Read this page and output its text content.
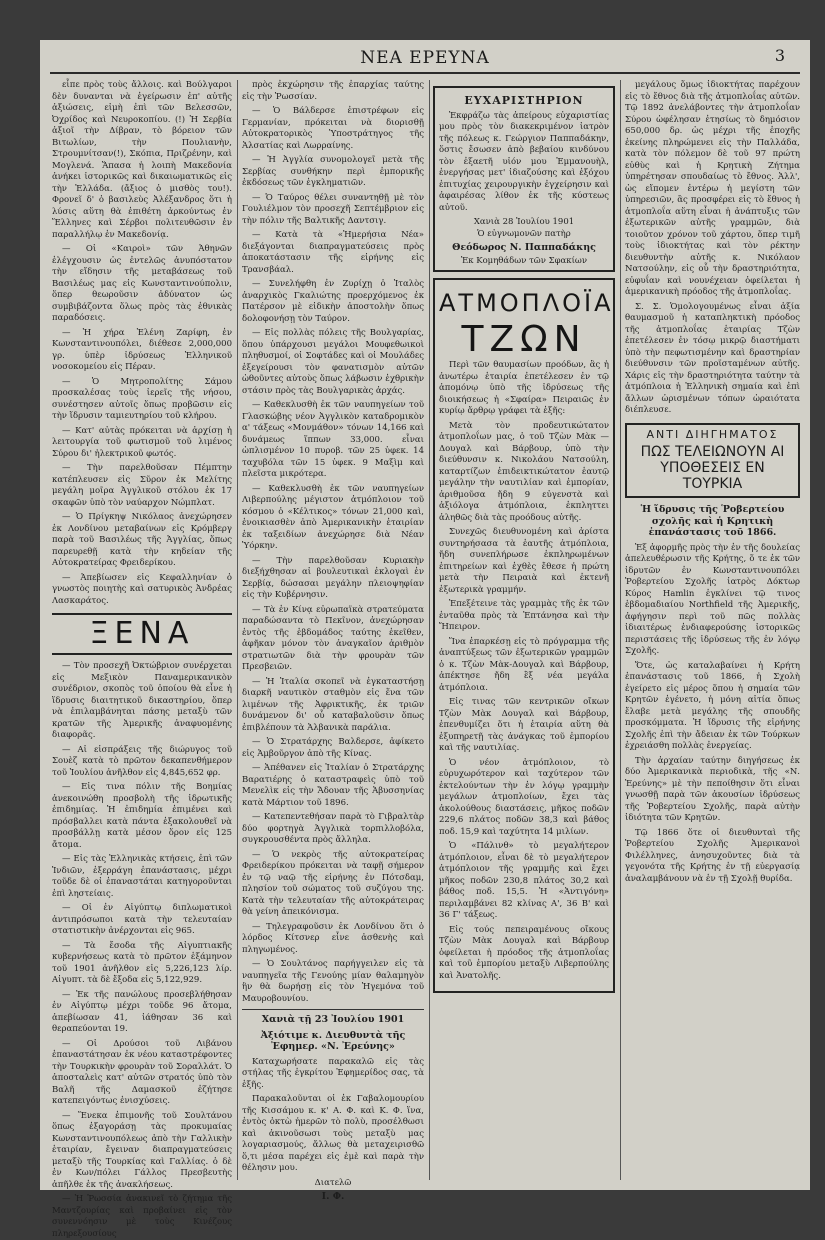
ΝΕΑ ΕΡΕΥΝΑ	3

εἶπε πρὸς τοὺς ἄλλοις. καὶ Βούλγαροι δὲν δυνανται νὰ ἐγείρωσιν ἐπ' αὐτῆς ἀξιώσεις, εἰμὴ ἐπὶ τῶν Βελεσσῶν, Ὀχρίδος καὶ Νευροκοπίου. (!) Ἡ Σερβία ἀξιοῖ τὴν Δίβραν, τὸ βόρειον τῶν Βιτωλίων, τὴν Πουλιανὴν, Στρουμνίτσαν(!), Σκόπια, Πριζρένην, καὶ Μογλενά. Ἅπασα ἡ λοιπὴ Μακεδονία ἀνήκει ἱστορικῶς καὶ δικαιωματικῶς εἰς τὴν Ἑλλάδα. (ἄξιος ὁ μισθὸς του!). Φρονεῖ δ' ὁ βασιλεὺς Ἀλέξανδρος ὅτι ἡ λύσις αὕτη θὰ ἐπιθέτη ἀρκούντως ἐν Ἕλληνες καὶ Σέρβοι πολιτευθῶσιν ἐν παραλλήλῳ ἐν Μακεδονίᾳ.

— Οἱ «Καιροὶ» τῶν Ἀθηνῶν ἐλέγχουσιν ὡς ἐντελῶς ἀνυπόστατον τὴν εἴδησιν τῆς μεταβάσεως τοῦ Βασιλέως μας εἰς Κωνσταντινούπολιν, ὅπερ θεωροῦσιν ἀδύνατον ὡς συμβιβάζοντα ὅλως πρὸς τὰς ἐθνικὰς παραδόσεις.

— Ἡ χήρα Ἑλένη Ζαρίφη, ἐν Κωνσταντινουπόλει, διέθεσε 2,000,000 γρ. ὑπὲρ ἱδρύσεως Ἑλληνικοῦ νοσοκομείου εἰς Πέραν.

— Ὁ Μητροπολίτης Σάμου προσκαλέσας τοὺς ἱερεῖς τῆς νήσου, συνέστησεν αὐτοῖς ὅπως προβῶσιν εἰς τὴν ἵδρυσιν ταμιευτηρίου τοῦ κλήρου.

— Κατ' αὐτὰς πρόκειται νὰ ἀρχίσῃ ἡ λειτουργία τοῦ φωτισμοῦ τοῦ λιμένος Σύρου δι' ἠλεκτρικοῦ φωτός.

— Τὴν παρελθοῦσαν Πέμπτην κατέπλευσεν εἰς Σῦρον ἐκ Μελίτης μεγάλη μοῖρα Ἀγγλικοῦ στόλου ἐκ 17 σκαφῶν ὑπὸ τὸν ναύαρχον Νώμπλατ.

— Ὁ Πρίγκηψ Νικόλαος ἀνεχώρησεν ἐκ Λονδίνου μεταβαίνων εἰς Κρόμβεργ παρὰ τοῦ Βασιλέως τῆς Ἀγγλίας, ὅπως παρευρεθῇ κατὰ τὴν κηδείαν τῆς Αὐτοκρατείρας Φρειδερίκου.

— Ἀπεβίωσεν εἰς Κεφαλληνίαν ὁ γνωστὸς ποιητὴς καὶ σατυρικὸς Ἀνδρέας Λασκαράτος.

ΞΕΝΑ

— Τὸν προσεχῆ Ὀκτώβριον συνέρχεται εἰς Μεξικὸν Παναμερικανικὸν συνέδριον, σκοπὸς τοῦ ὁποίου θὰ εἶνε ἡ ἵδρυσις διαιτητικοῦ δικαστηρίου, ὅπερ νὰ ἐπιλαμβάνηται πάσης μεταξὺ τῶν κρατῶν τῆς Ἀμερικῆς ἀναφυομένης διαφορᾶς.

— Αἱ εἰσπράξεις τῆς διώρυγος τοῦ Σουὲζ κατὰ τὸ πρῶτον δεκαπενθήμερον τοῦ Ἰουλίου ἀνῆλθον εἰς 4,845,652 φρ.

— Εἰς τινα πόλιν τῆς Βοημίας ἀνεκοινώθη προσβολὴ τῆς ἰδρωτικῆς ἐπιδημίας. Ἡ ἐπιδημία ἐπιμένει καὶ πρόσβαλλει κατὰ πάντα ἐξακολουθεῖ νὰ προσβάλλῃ κατὰ μέσον ὅρον εἰς 125 ἄτομα.

— Εἰς τὰς Ἑλληνικὰς κτήσεις, ἐπὶ τῶν Ἰνδιῶν, ἐξερράγη ἐπανάστασις, μέχρι τοῦδε δὲ οἱ ἐπαναστάται κατηγοροῦνται ἐπὶ ληστείαις.

— Οἱ ἐν Αἰγύπτῳ διπλωματικοὶ ἀντιπρόσωποι κατὰ τὴν τελευταίαν στατιστικὴν ἀνέρχονται εἰς 965.

— Τὰ ἔσοδα τῆς Αἰγυπτιακῆς κυβερνήσεως κατὰ τὸ πρῶτον ἑξάμηνον τοῦ 1901 ἀνῆλθον εἰς 5,226,123 λίρ. Αἰγυπτ. τὰ δὲ ἔξοδα εἰς 5,122,929.

— Ἐκ τῆς πανώλους προσεβλήθησαν ἐν Αἰγύπτῳ μέχρι τοῦδε 96 ἄτομα, ἀπεβίωσαν 41, ἰάθησαν 36 καὶ θεραπεύονται 19.

— Οἱ Δρούσοι τοῦ Λιβάνου ἐπαναστάτησαν ἐκ νέου καταστρέφοντες τὴν Τουρκικὴν φρουρὰν τοῦ Σοραλλάτ. Ὁ ἀποσταλεὶς κατ' αὐτῶν στρατός ὑπὸ τὸν Βαλῆ τῆς Δαμασκοῦ ἐζήτησε κατεπειγόντως ἐνισχύσεις.

— Ἕνεκα ἐπιμονῆς τοῦ Σουλτάνου ὅπως ἐξαγοράσῃ τὰς προκυμαίας Κωνσταντινουπόλεως ἀπὸ τὴν Γαλλικὴν ἑταιρίαν, ἔγειναν διαπραγματεύσεις μεταξὺ τῆς Τουρκίας καὶ Γαλλίας. ὁ δὲ ἐν Κων/πόλει Γάλλος Πρεσβευτὴς ἀπῆλθε ἐκ τῆς ἀνακλήσεως.

— Ἡ Ῥωσσία ἀνακινεῖ τὸ ζήτημα τῆς Μαντζουρίας καὶ προβαίνει εἰς τὸν συνεννόησιν μὲ τοὺς Κινέζους πληρεξουσίους

πρὸς ἐκχώρησιν τῆς ἐπαρχίας ταύτης εἰς τὴν Ῥωσσίαν.

— Ὁ Βάλδερσε ἐπιστρέφων εἰς Γερμανίαν, πρόκειται νὰ διορισθῇ Αὐτοκρατορικὸς Ὑποστράτηγος τῆς Ἀλσατίας καὶ Λωρραίνης.

— Ἡ Ἀγγλία συνομολογεῖ μετὰ τῆς Σερβίας συνθήκην περὶ ἐμπορικῆς ἐκδόσεως τῶν ἐγκληματιῶν.

— Ὁ Ταύρος θέλει συναντηθῇ μὲ τὸν Γουλιέλμον τὸν προσεχῆ Σεπτέμβριον εἰς τὴν πόλιν τῆς Βαλτικῆς Δαντσιγ.

— Κατὰ τὰ «Ἡμερήσια Νέα» διεξάγονται διαπραγματεύσεις πρὸς ἀποκατάστασιν τῆς εἰρήνης εἰς Τρανσβάαλ.

— Συνελήφθη ἐν Ζυρίχῃ ὁ Ἰταλὸς ἀναρχικὸς Γκαλιώτης προερχόμενος ἐκ Πατέρσον μὲ εἰδικὴν ἀποστολὴν ὅπως δολοφονήσῃ τὸν Ταύρον.

— Εἰς πολλὰς πόλεις τῆς Βουλγαρίας, ὅπου ὑπάρχουσι μεγάλοι Μουφεθωικοὶ πληθυσμοί, οἱ Σοφτάδες καὶ οἱ Μουλάδες ἐξεγείρουσι τὸν φανατισμὸν αὐτῶν ὠθοῦντες αὐτοὺς ὅπως λάβωσιν ἐχθρικὴν στάσιν πρὸς τὰς Βουλγαρικὰς ἀρχάς.

— Καθεκλυσθὴ ἐκ τῶν ναυπηγείων τοῦ Γλασκώβης νέον Ἀγγλικὸν καταδρομικὸν α' τάξεως «Μονμάθον» τόνων 14,166 καὶ δυνάμεως ἵππων 33,000. εἶναι ὡπλισμένον 10 πυροβ. τῶν 25 ὑφεκ. 14 ταχυβόλα τῶν 15 ὑφεκ. 9 Μαξὶμ καὶ πλεῖστα μικρότερα.

— Καθεκλυσθὴ ἐκ τῶν ναυπηγείων Λιβερπούλης μέγιστον ἀτμόπλοιον τοῦ κόσμου ὁ «Κέλτικος» τόνων 21,000 καὶ, ἐνοικιασθὲν ἀπὸ Ἀμερικανικὴν ἑταιρίαν ἐκ ταξειδίων ἀνεχώρησε διὰ Νέαν Ὑόρκην.

— Τὴν παρελθοῦσαν Κυριακὴν διεξήχθησαν αἱ βουλευτικαὶ ἐκλογαὶ ἐν Σερβίᾳ, δώσασαι μεγάλην πλειοψηφίαν εἰς τὴν Κυβέρνησιν.

— Τὰ ἐν Κίνᾳ εὐρωπαϊκὰ στρατεύματα παραδώσαντα τὸ Πεκῖνον, ἀνεχώρησαν ἐντὸς τῆς ἑβδομάδος ταύτης ἐκεῖθεν, ἀφῆκαν μόνον τὸν ἀναγκαῖον ἀριθμὸν στρατιωτῶν διὰ τὴν φρουρὰν τῶν Πρεσβειῶν.

— Ἡ Ἰταλία σκοπεῖ νὰ ἐγκαταστήσῃ διαρκῆ ναυτικὸν σταθμὸν εἰς ἕνα τῶν λιμένων τῆς Ἀφρικτικῆς, ἐκ τριῶν δυνάμενον δι' οὗ καταβαλοῦσιν ὅπως ἐπιβλέπουν τὰ Ἀλβανικὰ παράλια.

— Ὁ Στρατάρχης Βαλδερσε, ἀφίκετο εἰς Ἀμβοῦργον ἀπὸ τῆς Κίνας.

— Ἀπέθανεν εἰς Ἰταλίαν ὁ Στρατάρχης Βαρατιέρης ὁ καταστραφεὶς ὑπὸ τοῦ Μενελὶκ εἰς τὴν Ἄδουαν τῆς Ἀβυσσηνίας κατὰ Μάρτιον τοῦ 1896.

— Κατεπεντεθήσαν παρὰ τὸ Γιβραλτὰρ δύο φορτηγὰ Ἀγγλικὰ τορπιλλοβόλα, συγκρουσθέντα πρὸς ἄλληλα.

— Ὁ νεκρὸς τῆς αὐτοκρατείρας Φρειδερίκου πρόκειται νὰ ταφῇ σήμερον ἐν τῷ ναῷ τῆς εἰρήνης ἐν Πότσδαμ, πλησίον τοῦ σώματος τοῦ συζύγου της. Κατὰ τὴν τελευταίαν τῆς αὐτοκράτειρας θὰ γείνη ἀπεικόνισμα.

— Τηλεγραφοῦσιν ἐκ Λονδίνου ὅτι ὁ λόρδος Κίτσνερ εἶνε ἀσθενὴς καὶ πληγωμένος.

— Ὁ Σουλτάνος παρήγγειλεν εἰς τὰ ναυπηγεῖα τῆς Γενούης μίαν θαλαμηγὸν ἢν θὰ δωρήσῃ εἰς τὸν Ἡγεμόνα τοῦ Μαυροβουνίου.

Χανιὰ τῇ 23 Ἰουλίου 1901
Ἀξιότιμε κ. Διευθυντὰ τῆς Ἐφημερ. «Ν. Ἐρεύνης»

Καταχωρήσατε παρακαλῶ εἰς τὰς στήλας τῆς ἐγκρίτου Ἐφημερίδος σας, τὰ ἑξῆς.

Παρακαλοῦνται οἱ ἐκ Γαβαλομουρίου τῆς Κισσάμου κ. κ' Α. Φ. καὶ Κ. Φ. ἵνα, ἐντὸς ὀκτὼ ἡμερῶν τὸ πολὺ, προσέλθωσι καὶ ἀκινοῦσωσι τοὺς μεταξὺ μας λογαριασμούς, ἄλλως θὰ μεταχειρισθῶ ὅ,τι μέσα παρέχει εἰς ἐμὲ καὶ παρὰ τὴν θέλησιν μου.

Διατελῶ
Ι. Φ.
ΕΥΧΑΡΙΣΤΗΡΙΟΝ

Ἐκφράζω τὰς ἀπείρους εὐχαριστίας μου πρὸς τὸν διακεκριμένον ἰατρὸν τῆς πόλεως κ. Γεώργιον Παππαδάκην, ὅστις ἔσωσεν ἀπὸ βεβαίου κινδύνου τὸν ἐξαετῆ υἱόν μου Ἐμμανουὴλ, ἐνεργήσας μετ' ἰδιαζούσης καὶ ἐξόχου ἐπιτυχίας χειρουργικὴν ἐγχείρησιν καὶ ἀφαιρέσας λίθον ἐκ τῆς κύστεως αὐτοῦ.

Χανιὰ 28 Ἰουλίου 1901
Ὁ εὐγνωμονῶν πατὴρ
Θεόδωρος Ν. Παππαδάκης
Ἐκ Κομηθάδων τῶν Σφακίων
ΑΤΜΟΠΛΟΪΑ
ΤΖΩΝ

Περὶ τῶν θαυμασίων προόδων, ἃς ἡ ἀνωτέρω ἑταιρία ἐπετέλεσεν ἐν τῷ ἀπομόνῳ ὑπὸ τῆς ἰδρύσεως τῆς διοικήσεως ἡ «Σφαίρα» Πειραιῶς ἐν κυρίῳ ἄρθρῳ γράφει τὰ ἑξῆς:

Μετὰ τὸν προδευτικώτατον ἀτμοπλοΐων μας, ὁ τοῦ Τζὼν Μὰκ — Δουγαλ καὶ Βάρβουρ, ὑπὸ τὴν διεύθυνσιν κ. Νικολάου Νατσούλη, καταρτίζων ἐπιδεικτικώτατον ἑαυτῷ μεγάλην τὴν ναυτιλίαν καὶ ἐμπορίαν, ἀριθμοῦσα ἤδη 9 εὐγενστὰ καὶ ἀξιόλογα ἀτμόπλοια, ἐκπληττει ἀληθῶς διὰ τὰς προόδους αὐτῆς.

Συνεχῶς διευθυνομένη καὶ ἀρίστα συντηρήσασα τὰ ἐαυτῆς ἀτμόπλοια, ἤδη συνεπλήρωσε ἐκπληρωμένων ἐπιτηρείων καὶ ἐχθὲς ἔθεσε ἡ πρώτη μετὰ τὴν Πειραιὰ καὶ ἐκτενῆ ἐξωτερικὰ γραμμήν.

Ἐπεξέτεινε τὰς γραμμὰς τῆς ἐκ τῶν ἐνταῦθα πρὸς τὰ Ἐπτάνησα καὶ τὴν Ἤπειρον.

Ἵνα ἐπαρκέσῃ εἰς τὸ πρόγραμμα τῆς ἀναπτύξεως τῶν ἐξωτερικῶν γραμμῶν ὁ κ. Τζὼν Μὰκ-Δουγαλ καὶ Βάρβουρ, ἀπέκτησε ἤδη ἓξ νέα μεγάλα ἀτμόπλοια.

Εἰς τινας τῶν κεντρικῶν οἴκων Τζὼν Μὰκ Δουγαλ καὶ Βάρβουρ, ἐπενθυμίζει ὅτι ἡ ἐταιρία αὕτη θὰ ἐξυπηρετῇ τὰς ἀνάγκας τοῦ ἐμπορίου καὶ τῆς ναυτιλίας.

Ὁ νέον ἀτμόπλοιον, τὸ εὐρυχωρότερον καὶ ταχύτερον τῶν ἐκτελούντων τὴν ἐν λόγῳ γραμμὴν μεγάλων ἀτμοπλοίων, ἔχει τὰς ἀκολούθους διαστάσεις, μῆκος ποδῶν 229,6 πλάτος ποδῶν 38,3 καὶ βάθος ποδ. 15,9 καὶ ταχύτητα 14 μιλίων.

Ὁ «Πάλινθ» τὸ μεγαλήτερον ἀτμόπλοιον, εἶναι δὲ τὸ μεγαλήτερον ἀτμόπλοιον τῆς γραμμῆς καὶ ἔχει μῆκος ποδῶν 230,8 πλάτος 30,2 καὶ βάθος ποδ. 15,5. Ἡ «Ἀντιγόνη» περιλαμβάνει 82 κλίνας Α', 36 Β' καὶ 36 Γ' τάξεως.

Εἰς τούς πεπειραμένους οἴκους Τζὼν Μὰκ Δουγαλ καὶ Βάρβουρ ὀφείλεται ἡ πρόοδος τῆς ἀτμοπλοΐας καὶ τοῦ ἐμπορίου μεταξὺ Λιβερπούλης καὶ Ἀνατολῆς.

μεγάλους ὅμως ἰδιοκτήτας παρέχουν εἰς τὸ ἔθνος διὰ τῆς ἀτμοπλοΐας αὐτῶν. Τῷ 1892 ἀνελάβοντες τὴν ἀτμοπλοΐαν Σύρου ὠφέλησαν ἐτησίως τὸ δημόσιον 650,000 δρ. ὡς μέχρι τῆς ἐποχῆς ἐκείνης πληρώμενει εἰς τὴν Παλλάδα, κατὰ τὸν πόλεμον δὲ τοῦ 97 πρώτη εὐθὺς καὶ ἡ Κρητικὴ Ζήτημα ὑπηρέτησαν σπουδαίως τὸ ἔθνος. Ἀλλ', ὡς εἴπομεν ἐντέρω ἡ μεγίστη τῶν ὑπηρεσιῶν, ἂς προσφέρει εἰς τὸ ἔθνος ἡ ἀτμοπλοΐα αὕτη εἶναι ἡ ἀνάπτυξις τῶν ἐξωτερικῶν αὐτῆς γραμμῶν, διὰ τοιοῦτον χρόνον τοῦ χάρτου, ὅπερ τιμῆ τοὺς ἰδιοκτήτας καὶ τὸν ρέκτην διευθυντὴν αὐτῆς κ. Νικόλαον Νατσούλην, εἰς οὗ τὴν δραστηριότητα, εὐφυΐαν καὶ νουνέχειαν ὀφείλεται ἡ ἀμερικανικὴ πρόοδος τῆς ἀτμοπλοΐας.

Σ. Σ. Ὁμολογουμένως εἶναι ἀξία θαυμασμοῦ ἡ καταπληκτικὴ πρόοδος τῆς ἀτμοπλοΐας ἑταιρίας Τζὼν ἐπετέλεσεν ἐν τόσῳ μικρῷ διαστήματι ὑπὸ τὴν πεφωτισμένην καὶ δραστηρίαν διεύθυνσιν τῶν προϊσταμένων αὐτῆς. Χάρις εἰς τὴν δραστηριότητα ταύτην τὰ ἀτμόπλοια ἡ Ἑλληνικὴ σημαία καὶ ἐπὶ ἄλλων ὡρισμένων τόπων ὡραιότατα διέπλευσε.

ΑΝΤΙ ΔΙΗΓΗΜΑΤΟΣ
ΠΩΣ ΤΕΛΕΙΩΝΟΥΝ ΑΙ ΥΠΟΘΕΣΕΙΣ ΕΝ ΤΟΥΡΚΙΑ
Ἡ ἵδρυσις τῆς Ῥοβερτείου σχολῆς καὶ ἡ Κρητικὴ ἐπανάστασις τοῦ 1866.

Ἐξ ἀφορμῆς πρὸς τὴν ἐν τῆς δουλείας ἀπελευθέρωσιν τῆς Κρήτης, ὅ τε ἐκ τῶν ἱδρυτῶν ἐν Κωνσταντινουπόλει Ῥοβερτείου Σχολῆς ἰατρὸς Δόκτωρ Κύρος Hamlin ἐγκλίνει τῷ τινος ἑβδομαδιαίου Northfield τῆς Ἀμερικῆς, ἀφήγησιν περὶ τοῦ πῶς πολλὰς ἰδιαιτέρως ἐνδιαφερούσης ἱστορικῶς περιστάσεις τῆς ἱδρύσεως τῆς ἐν λόγῳ Σχολῆς.

Ὅτε, ὡς καταλαβαίνει ἡ Κρήτη ἐπανάστασις τοῦ 1866, ἡ Σχολὴ ἐγείρετο εἰς μέρος ὅπου ἡ σημαία τῶν Κρητῶν ἐγένετο, ἡ μόνη αἰτία ὅπως ἔλαβε μετὰ μεγάλης τῆς σπουδῆς προσκόμματα. Ἡ ἵδρυσις τῆς εἰρήνης Σχολῆς ἐπὶ τὴν ἄδειαν ἐκ τῶν Τούρκων ἐχρειάσθη πολλὰς ἐνεργείας.

Τὴν ἀρχαίαν ταύτην διηγήσεως ἐκ δύο Ἀμερικανικὰ περιοδικὰ, τῆς «Ν. Ἐρεύνης» μὲ τὴν πεποίθησιν ὅτι εἶναι γνωσθῇ παρὰ τῶν ἀκουσίων ἱδρύσεως τῆς Ῥοβερτείου Σχολῆς, παρὰ αὐτὴν ἰδιότητα τῶν Κρητῶν.

Τῷ 1866 ὅτε οἱ διευθυνταὶ τῆς Ῥοβερτείου Σχολῆς Ἀμερικανοὶ Φιλέλληνες, ἀνησυχοῦντες διὰ τὰ γεγονότα τῆς Κρήτης ἐν τῇ εὐεργασίᾳ ἀναλαμβάνουν νὰ ἐν τῇ Σχολῇ θυρίδα.
